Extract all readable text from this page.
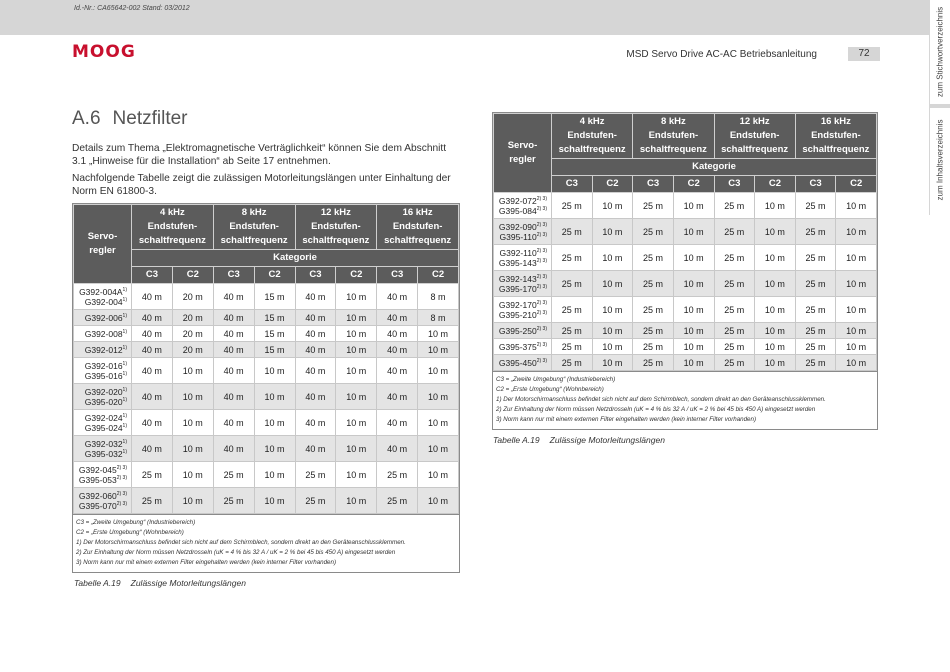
Id.-Nr.: CA65642-002 Stand: 03/2012
MOOG	MSD Servo Drive AC-AC Betriebsanleitung	72	zum Stichwortverzeichnis
zum Inhaltsverzeichnis
A.6 Netzfilter

Details zum Thema „Elektromagnetische Verträglichkeit“ können Sie dem Abschnitt 3.1 „Hinweise für die Installation“ ab Seite 17 entnehmen.

Nachfolgende Tabelle zeigt die zulässigen Motorleitungslängen unter Einhaltung der Norm EN 61800-3.

Servo-
regler	4 kHz
Endstufen-
schaltfrequenz		8 kHz
Endstufen-
schaltfrequenz		12 kHz
Endstufen-
schaltfrequenz		16 kHz
Endstufen-
schaltfrequenz	
	Kategorie							
	C3	C2	C3	C2	C3	C2	C3	C2
$G392-004A^{1)}$
G392-004$^{1)}$	40 m	20 m	40 m	15 m	40 m	10 m	40 m	8 m
G392-006$^{1)}$	40 m	20 m	40 m	15 m	40 m	10 m	40 m	8 m
G392-008$^{1)}$	40 m	20 m	40 m	15 m	40 m	10 m	40 m	10 m
G392-012$^{1)}$	40 m	20 m	40 m	15 m	40 m	10 m	40 m	10 m
G392-016$^{1)}$
G395-016$^{1)}$	40 m	10 m	40 m	10 m	40 m	10 m	40 m	10 m
G392-020$^{1)}$
G395-020$^{1)}$	40 m	10 m	40 m	10 m	40 m	10 m	40 m	10 m
G392-024$^{1)}$
G395-024$^{1)}$	40 m	10 m	40 m	10 m	40 m	10 m	40 m	10 m
G392-032$^{1)}$
G395-032$^{1)}$	40 m	10 m	40 m	10 m	40 m	10 m	40 m	10 m
$G392-045^{2) 3)}$
$G395-053^{2) 3)}$	25 m	10 m	25 m	10 m	25 m	10 m	25 m	10 m
$G392-060^{2) 3)}$
$G395-070^{2) 3)}$	25 m	10 m	25 m	10 m	25 m	10 m	25 m	10 m
C3 = „Zweite Umgebung“ (Industriebereich)
C2 = „Erste Umgebung“ (Wohnbereich)
1) Der Motorschirmanschluss befindet sich nicht auf dem Schirmblech, sondern direkt an den Geräteanschlussklemmen.
2) Zur Einhaltung der Norm müssen Netzdrosseln (uK = 4 % bis 32 A / uK = 2 % bei 45 bis 450 A) eingesetzt werden
3) Norm kann nur mit einem externen Filter eingehalten werden (kein interner Filter vorhanden)
Tabelle A.19 Zulässige Motorleitungslängen
Servo-
regler	4 kHz
Endstufen-
schaltfrequenz		8 kHz
Endstufen-
schaltfrequenz		12 kHz
Endstufen-
schaltfrequenz		16 kHz
Endstufen-
schaltfrequenz	
	Kategorie							
	C3	C2	C3	C2	C3	C2	C3	C2
$G392-072^{2) 3)}$
$G395-084^{2) 3)}$	25 m	10 m	25 m	10 m	25 m	10 m	25 m	10 m
$G392-090^{2) 3)}$
$G395-110^{2) 3)}$	25 m	10 m	25 m	10 m	25 m	10 m	25 m	10 m
$G392-110^{2) 3)}$
$G395-143^{2) 3)}$	25 m	10 m	25 m	10 m	25 m	10 m	25 m	10 m
$G392-143^{2) 3)}$
$G395-170^{2) 3)}$	25 m	10 m	25 m	10 m	25 m	10 m	25 m	10 m
$G392-170^{2) 3)}$
$G395-210^{2) 3)}$	25 m	10 m	25 m	10 m	25 m	10 m	25 m	10 m
$G395-250^{2) 3)}$	25 m	10 m	25 m	10 m	25 m	10 m	25 m	10 m
$G395-375^{2) 3)}$	25 m	10 m	25 m	10 m	25 m	10 m	25 m	10 m
$G395-450^{2) 3)}$	25 m	10 m	25 m	10 m	25 m	10 m	25 m	10 m
C3 = „Zweite Umgebung“ (Industriebereich)
C2 = „Erste Umgebung“ (Wohnbereich)
1) Der Motorschirmanschluss befindet sich nicht auf dem Schirmblech, sondern direkt an den Geräteanschlussklemmen.
2) Zur Einhaltung der Norm müssen Netzdrosseln (uK = 4 % bis 32 A / uK = 2 % bei 45 bis 450 A) eingesetzt werden
3) Norm kann nur mit einem externen Filter eingehalten werden (kein interner Filter vorhanden)
Tabelle A.19 Zulässige Motorleitungslängen
